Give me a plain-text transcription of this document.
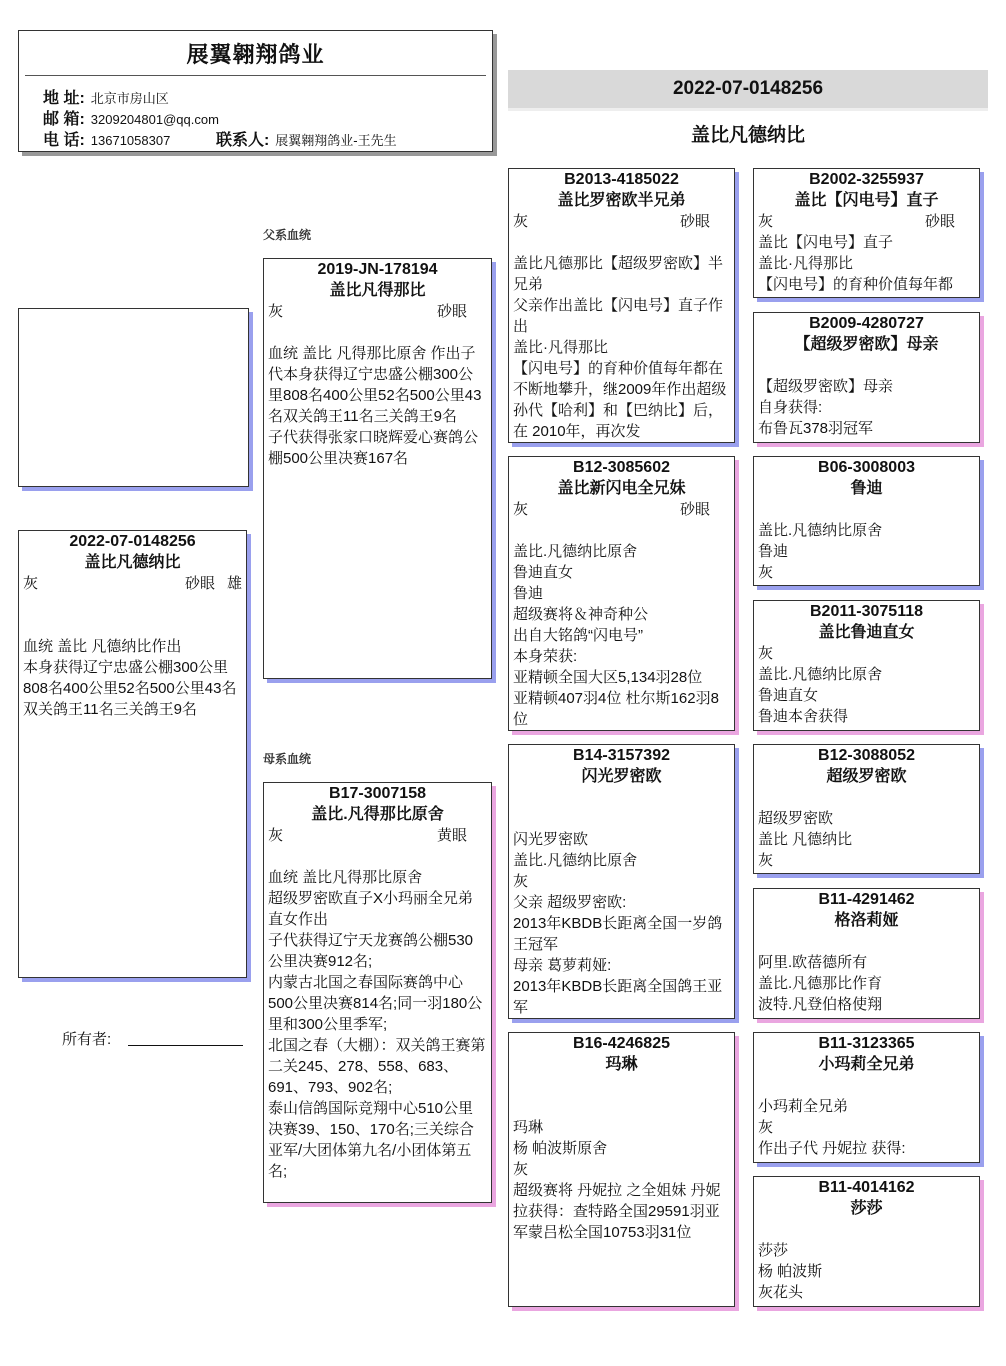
展翼翱翔鸽业
地 址: 北京市房山区
邮 箱: 3209204801@qq.com
电 话: 13671058307	联系人: 展翼翱翔鸽业-王先生
2022-07-0148256
盖比凡德纳比
父系血统
母系血统
所有者:
2022-07-0148256
盖比凡德纳比
灰	砂眼 雄
血统 盖比 凡德纳比作出
本身获得辽宁忠盛公棚300公里808名400公里52名500公里43名双关鸽王11名三关鸽王9名
2019-JN-178194
盖比凡得那比
灰	砂眼
血统 盖比 凡得那比原舍 作出子代本身获得辽宁忠盛公棚300公里808名400公里52名500公里43名双关鸽王11名三关鸽王9名
子代获得张家口晓辉爱心赛鸽公棚500公里决赛167名
B17-3007158
盖比.凡得那比原舍
灰	黄眼
血统 盖比凡得那比原舍
超级罗密欧直子X小玛丽全兄弟直女作出
子代获得辽宁天龙赛鸽公棚530公里决赛912名;
内蒙古北国之春国际赛鸽中心500公里决赛814名;同一羽180公里和300公里季军;
北国之春（大棚）：双关鸽王赛第二关245、278、558、683、691、793、902名;
泰山信鸽国际竞翔中心510公里决赛39、150、170名;三关综合亚军/大团体第九名/小团体第五名;
B2013-4185022
盖比罗密欧半兄弟
灰	砂眼
盖比凡德那比【超级罗密欧】半兄弟
父亲作出盖比【闪电号】直子作出
盖比·凡得那比
【闪电号】的育种价值每年都在不断地攀升，继2009年作出超级孙代【哈利】和【巴纳比】后，在 2010年，再次发
B12-3085602
盖比新闪电全兄妹
灰	砂眼
盖比.凡德纳比原舍
鲁迪直女
鲁迪
超级赛将＆神奇种公
出自大铭鸽“闪电号”
本身荣获:
亚精顿全国大区5,134羽28位
亚精顿407羽4位 杜尔斯162羽8位
B14-3157392
闪光罗密欧
闪光罗密欧
盖比.凡德纳比原舍
灰
父亲 超级罗密欧:
2013年KBDB长距离全国一岁鸽王冠军
母亲 葛萝莉娅:
2013年KBDB长距离全国鸽王亚军
B16-4246825
玛琳
玛琳
杨 帕波斯原舍
灰
超级赛将 丹妮拉 之全姐妹 丹妮拉获得：查特路全国29591羽亚军蒙吕松全国10753羽31位
B2002-3255937
盖比【闪电号】直子
灰	砂眼
盖比【闪电号】直子
盖比·凡得那比
【闪电号】的育种价值每年都
B2009-4280727
【超级罗密欧】母亲
【超级罗密欧】母亲
自身获得:
布鲁瓦378羽冠军
B06-3008003
鲁迪
盖比.凡德纳比原舍
鲁迪
灰
B2011-3075118
盖比鲁迪直女
灰
盖比.凡德纳比原舍
鲁迪直女
鲁迪本舍获得
B12-3088052
超级罗密欧
超级罗密欧
盖比 凡德纳比
灰
B11-4291462
格洛莉娅
阿里.欧蓓德所有
盖比.凡德那比作育
波特.凡登伯格使翔
B11-3123365
小玛莉全兄弟
小玛莉全兄弟
灰
作出子代 丹妮拉 获得:
B11-4014162
莎莎
莎莎
杨 帕波斯
灰花头
